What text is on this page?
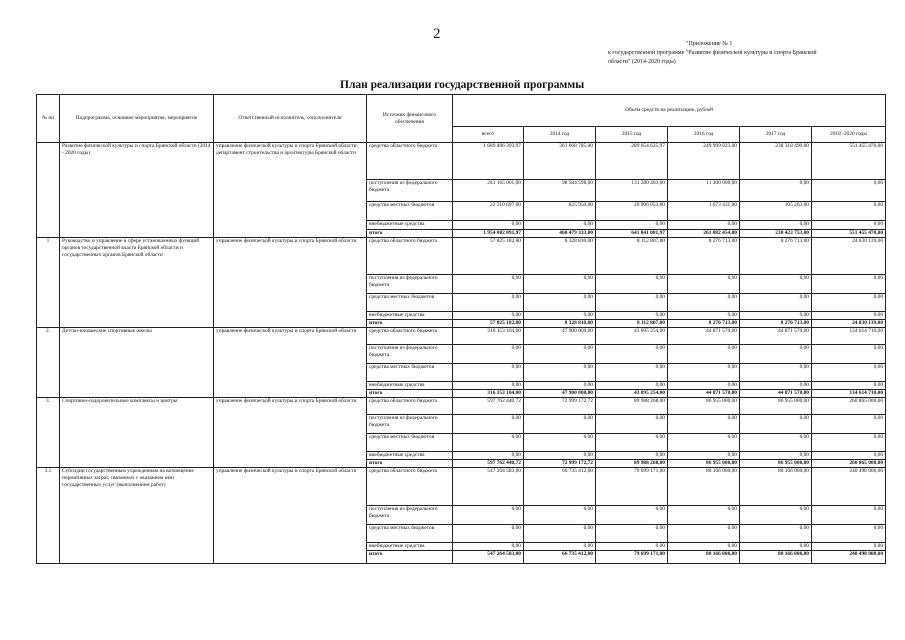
2
"Приложение № 1
к государственной программе "Развитие физической культуры и спорта Брянской
области" (2014-2020 годы)
План реализации государственной программы
№ пп	Подпрограмма, основное мероприятие, мероприятие	Ответственный исполнитель, соисполнители	Источник финансового обеспечения	Объем средств на реализацию, рублей					
				всего	2014 год	2015 год	2016 год	2017 год	2018 -2020 годы
	Развитие физической культуры и спорта Брянской области (2014 - 2020 годы)	управление физической культуры и спорта Брянской области, департамент строительства и архитектуры Брянской области	средства областного бюджета	1 689 406 393,97	361 068 785,00	289 654 625,97	249 909 023,00	238 318 490,00	551 455 470,00
			поступления из федерального бюджета	241 165 001,00	98 584 598,00	131 280 403,00	11 300 000,00	0,00	0,00
			средства местных бюджетов	23 510 697,00	825 950,00	20 906 053,00	1 673 431,00	105 263,00	0,00
			внебюджетные средства	0,00	0,00	0,00	0,00	0,00	0,00
			итого	1 954 082 091,97	460 479 333,00	641 841 081,97	261 882 454,00	238 423 753,00	551 455 470,00
1	Руководство и управление в сфере установленных функций органов государственной власти Брянской области и государственных органов Брянской области	управление физической культуры и спорта Брянской области	средства областного бюджета	57 825 182,80	8 328 810,00	8 112 807,80	8 276 713,00	8 276 713,00	24 830 139,00
			поступления из федерального бюджета	0,00	0,00	0,00	0,00	0,00	0,00
			средства местных бюджетов	0,00	0,00	0,00	0,00	0,00	0,00
			внебюджетные средства	0,00	0,00	0,00	0,00	0,00	0,00
			итого	57 825 182,80	8 328 810,00	8 112 807,80	8 276 713,00	8 276 713,00	24 830 139,00
2.	Детско-юношеские спортивные школы	управление физической культуры и спорта Брянской области	средства областного бюджета	316 153 104,00	47 900 000,00	43 895 254,00	44 871 570,00	44 871 570,00	134 614 710,00
			поступления из федерального бюджета	0,00	0,00	0,00	0,00	0,00	0,00
			средства местных бюджетов	0,00	0,00	0,00	0,00	0,00	0,00
			внебюджетные средства	0,00	0,00	0,00	0,00	0,00	0,00
			итого	316 153 104,00	47 900 000,00	43 895 254,00	44 871 570,00	44 871 570,00	134 614 710,00
3.	Спортивно-оздоровительные комплексы и центры	управление физической культуры и спорта Брянской области	средства областного бюджета	597 762 440,72	72 999 172,72	89 988 268,00	86 955 000,00	86 955 000,00	260 865 000,00
			поступления из федерального бюджета	0,00	0,00	0,00	0,00	0,00	0,00
			средства местных бюджетов	0,00	0,00	0,00	0,00	0,00	0,00
			внебюджетные средства	0,00	0,00	0,00	0,00	0,00	0,00
			итого	597 762 440,72	72 999 172,72	89 988 268,00	86 955 000,00	86 955 000,00	260 865 000,00
3.1	Субсидии государственным учреждениям на возмещение нормативных затрат, связанных с оказанием ими государственных услуг (выполнением работ)	управление физической культуры и спорта Брянской области	средства областного бюджета	547 264 583,00	66 735 412,00	79 699 171,00	80 166 000,00	80 166 000,00	240 498 000,00
			поступления из федерального бюджета	0,00	0,00	0,00	0,00	0,00	0,00
			средства местных бюджетов	0,00	0,00	0,00	0,00	0,00	0,00
			внебюджетные средства	0,00	0,00	0,00	0,00	0,00	0,00
			итого	547 264 583,00	66 735 412,00	79 699 171,00	80 166 000,00	80 166 000,00	240 498 000,00
